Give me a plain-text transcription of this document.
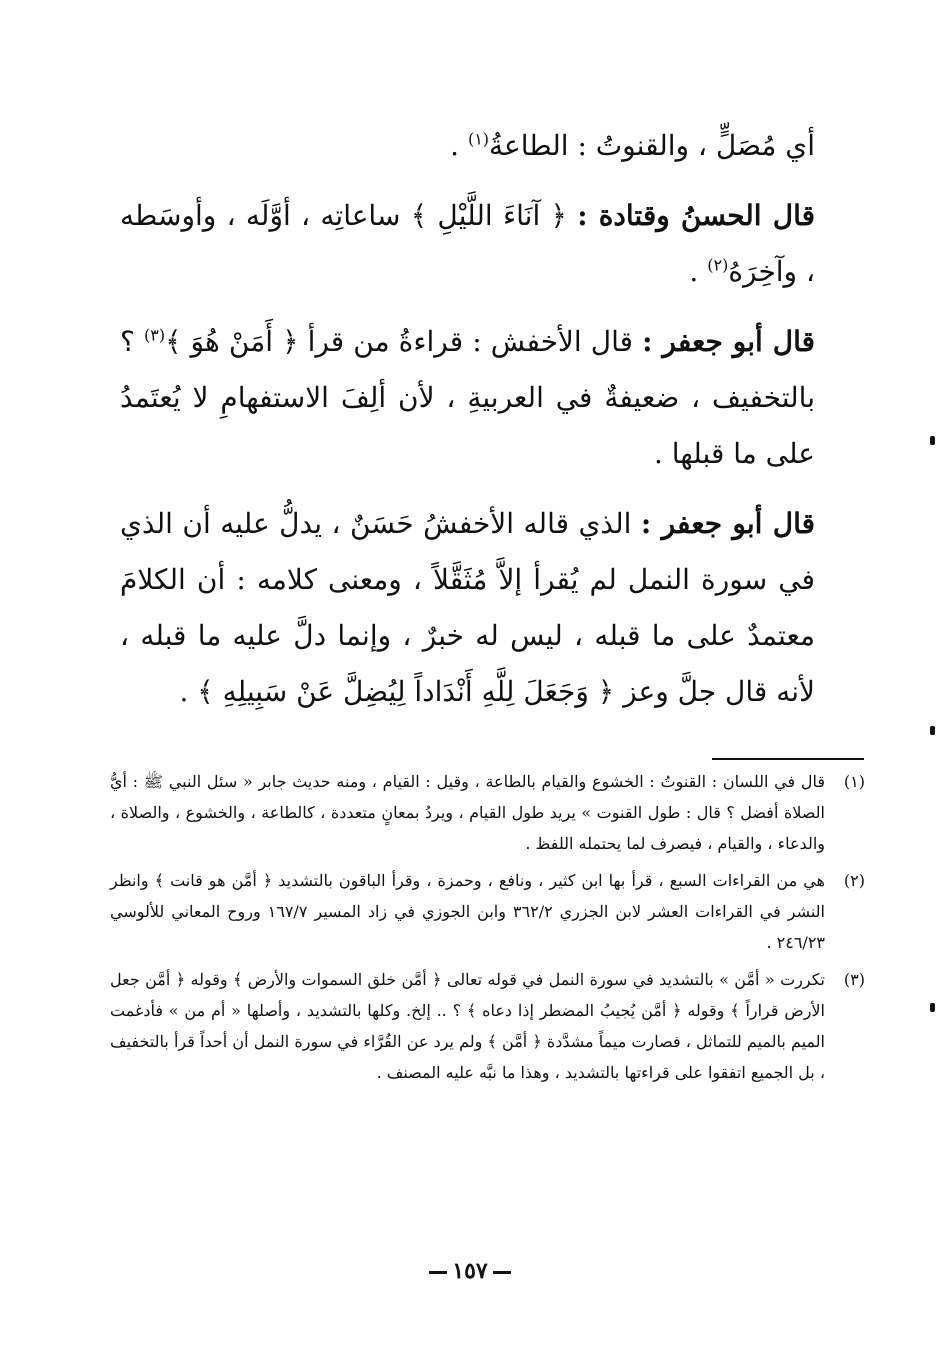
أي مُصَلٍّ ، والقنوتُ : الطاعةُ$^{(١)}$ .

قال الحسنُ وقتادة : ﴿ آنَاءَ اللَّيْلِ ﴾ ساعاتِه ، أوَّلَه ، وأوسَطه ، وآخِرَهُ$^{(٢)}$ .

قال أبو جعفر : قال الأخفش : قراءةُ من قرأ ﴿ أَمَنْ هُوَ ﴾$^{(٣)}$ ؟ بالتخفيف ، ضعيفةٌ في العربيةِ ، لأن ألِفَ الاستفهامِ لا يُعتَمدُ على ما قبلها .

قال أبو جعفر : الذي قاله الأخفشُ حَسَنٌ ، يدلُّ عليه أن الذي في سورة النمل لم يُقرأ إلاَّ مُثَقَّلاً ، ومعنى كلامه : أن الكلامَ معتمدٌ على ما قبله ، ليس له خبرٌ ، وإنما دلَّ عليه ما قبله ، لأنه قال جلَّ وعز ﴿ وَجَعَلَ لِلَّهِ أَنْدَاداً لِيُضِلَّ عَنْ سَبِيلِهِ ﴾ .

(١)
قال في اللسان : القنوتُ : الخشوع والقيام بالطاعة ، وقيل : القيام ، ومنه حديث جابر « سئل النبي ﷺ : أيُّ الصلاة أفضل ؟ قال : طول القنوت » يريد طول القيام ، ويردُ بمعانٍ متعددة ، كالطاعة ، والخشوع ، والصلاة ، والدعاء ، والقيام ، فيصرف لما يحتمله اللفظ .
(٢)
هي من القراءات السبع ، قرأ بها ابن كثير ، ونافع ، وحمزة ، وقرأ الباقون بالتشديد ﴿ أمَّن هو قانت ﴾ وانظر النشر في القراءات العشر لابن الجزري ٣٦٢/٢ وابن الجوزي في زاد المسير ١٦٧/٧ وروح المعاني للألوسي ٢٤٦/٢٣ .
(٣)
تكررت « أمَّن » بالتشديد في سورة النمل في قوله تعالى ﴿ أمَّن خلق السموات والأرض ﴾ وقوله ﴿ أمَّن جعل الأرض قراراً ﴾ وقوله ﴿ أمَّن يُجيبُ المضطر إذا دعاه ﴾ ؟ .. إلخ. وكلها بالتشديد ، وأصلها « أم من » فأدغمت الميم بالميم للتماثل ، فصارت ميماً مشدَّدة ﴿ أمَّن ﴾ ولم يرد عن القُرَّاء في سورة النمل أن أحداً قرأ بالتخفيف ، بل الجميع اتفقوا على قراءتها بالتشديد ، وهذا ما نبَّه عليه المصنف .
١٥٧
